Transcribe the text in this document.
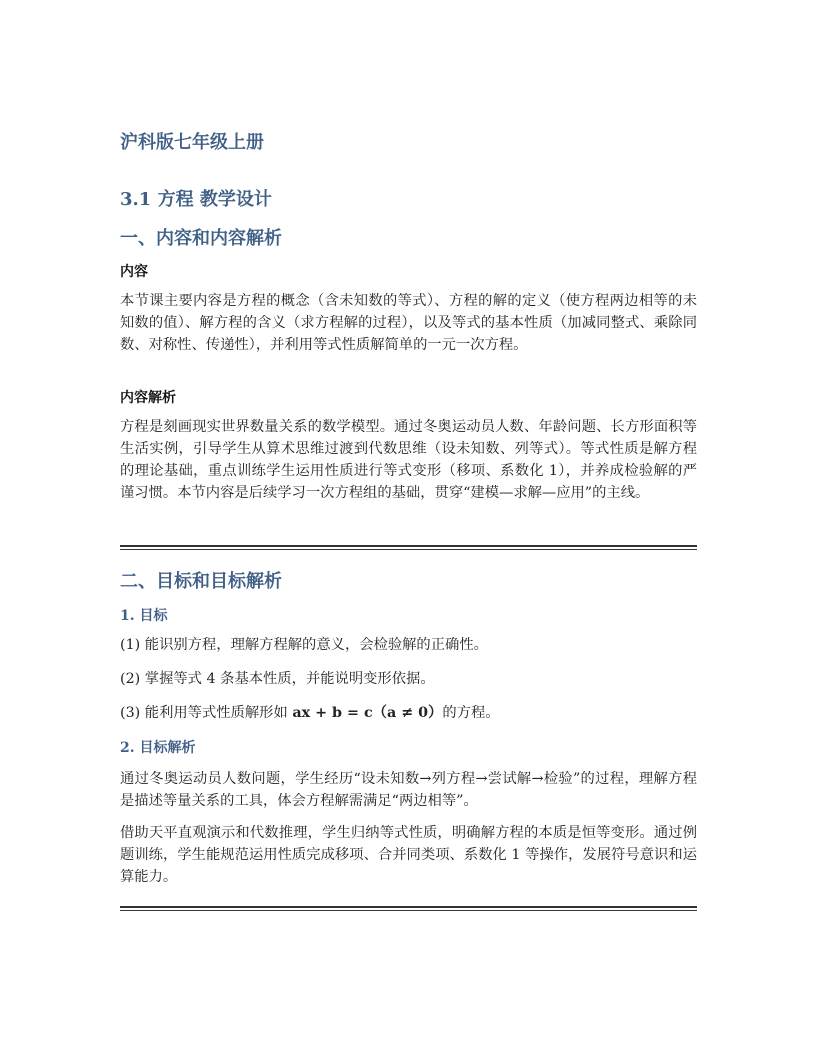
沪科版七年级上册
3.1 方程 教学设计
一、内容和内容解析
内容
本节课主要内容是方程的概念（含未知数的等式）、方程的解的定义（使方程两边相等的未知数的值）、解方程的含义（求方程解的过程），以及等式的基本性质（加减同整式、乘除同数、对称性、传递性），并利用等式性质解简单的一元一次方程。
内容解析
方程是刻画现实世界数量关系的数学模型。通过冬奥运动员人数、年龄问题、长方形面积等生活实例，引导学生从算术思维过渡到代数思维（设未知数、列等式）。等式性质是解方程的理论基础，重点训练学生运用性质进行等式变形（移项、系数化 1），并养成检验解的严谨习惯。本节内容是后续学习一次方程组的基础，贯穿“建模—求解—应用”的主线。
二、目标和目标解析
1. 目标
(1) 能识别方程，理解方程解的意义，会检验解的正确性。
(2) 掌握等式 4 条基本性质，并能说明变形依据。
(3) 能利用等式性质解形如 ax + b = c（a ≠ 0）的方程。
2. 目标解析
通过冬奥运动员人数问题，学生经历“设未知数→列方程→尝试解→检验”的过程，理解方程是描述等量关系的工具，体会方程解需满足“两边相等”。
借助天平直观演示和代数推理，学生归纳等式性质，明确解方程的本质是恒等变形。通过例题训练，学生能规范运用性质完成移项、合并同类项、系数化 1 等操作，发展符号意识和运算能力。
